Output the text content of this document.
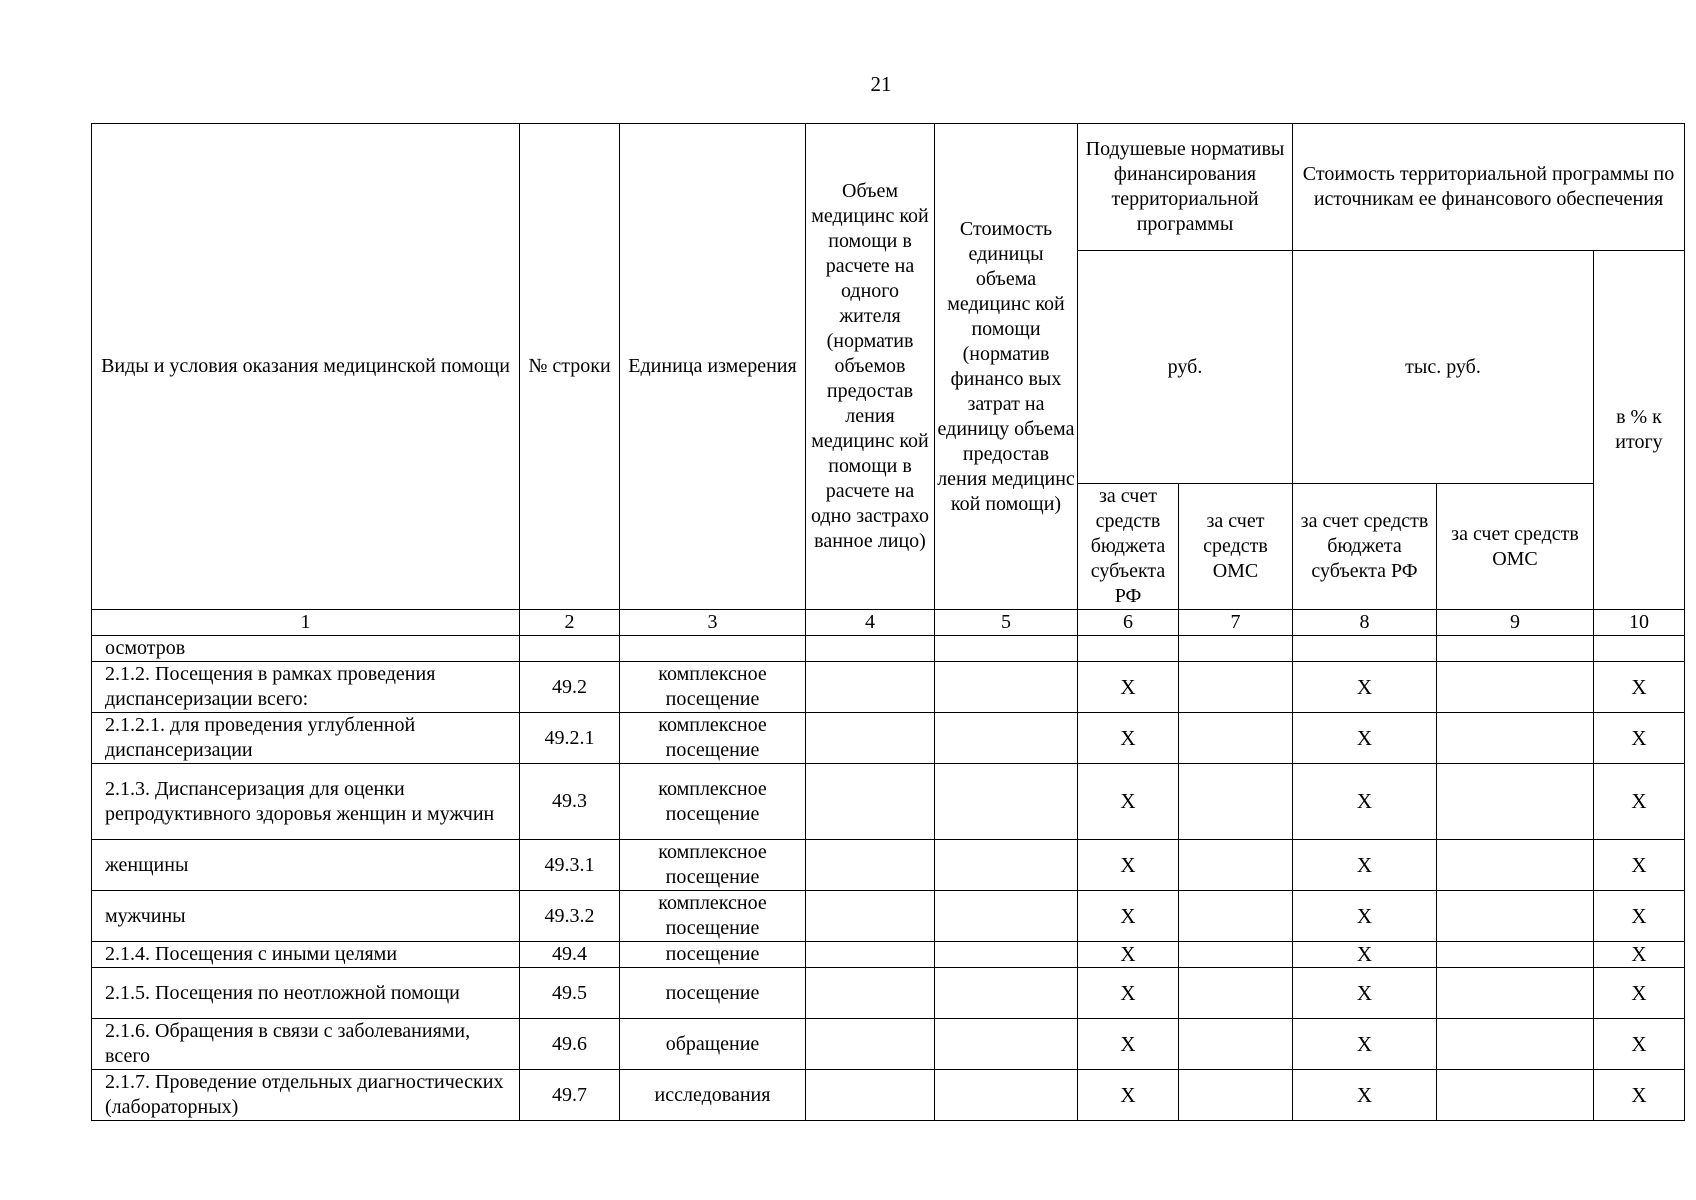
21
Виды и условия оказания медицинской помощи	№ строки	Единица измерения	Объем медицинс кой помощи в расчете на одного жителя (норматив объемов предостав ления медицинс кой помощи в расчете на одно застрахо ванное лицо)	Стоимость единицы объема медицинс кой помощи (норматив финансо вых затрат на единицу объема предостав ления медицинс кой помощи)	Подушевые нормативы финансирования территориальной программы		Стоимость территориальной программы по источникам ее финансового обеспечения		
					руб.		тыс. руб.		в % к итогу
					за счет средств бюджета субъекта РФ	за счет средств ОМС	за счет средств бюджета субъекта РФ	за счет средств ОМС	
1	2	3	4	5	6	7	8	9	10
осмотров									
2.1.2. Посещения в рамках проведения диспансеризации всего:	49.2	комплексное посещение			X		X		X
2.1.2.1. для проведения углубленной диспансеризации	49.2.1	комплексное посещение			X		X		X
2.1.3. Диспансеризация для оценки репродуктивного здоровья женщин и мужчин	49.3	комплексное посещение			X		X		X
женщины	49.3.1	комплексное посещение			X		X		X
мужчины	49.3.2	комплексное посещение			X		X		X
2.1.4. Посещения с иными целями	49.4	посещение			X		X		X
2.1.5. Посещения по неотложной помощи	49.5	посещение			X		X		X
2.1.6. Обращения в связи с заболеваниями, всего	49.6	обращение			X		X		X
2.1.7. Проведение отдельных диагностических (лабораторных)	49.7	исследования			X		X		X
